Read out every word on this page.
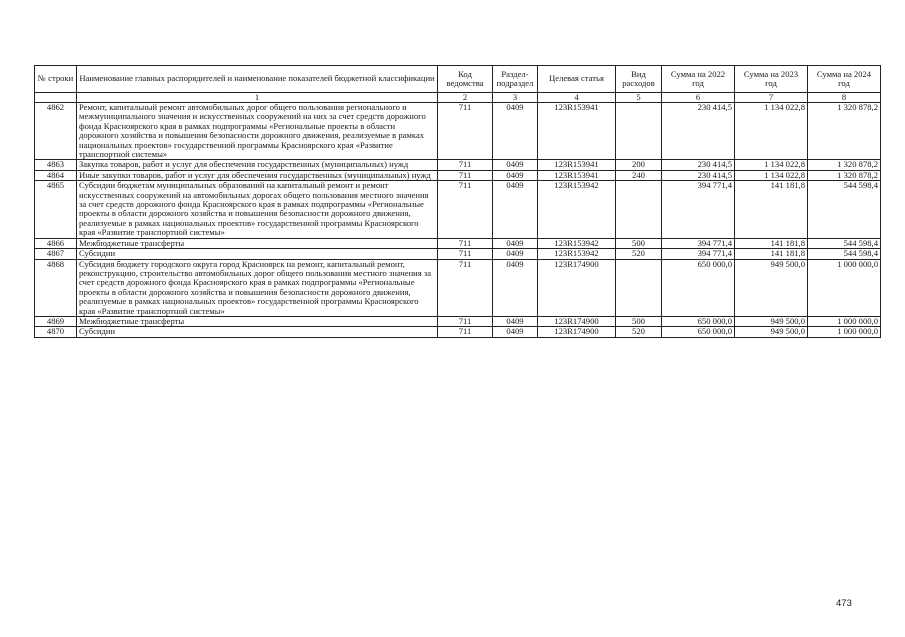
№ строки	Наименование главных распорядителей и наименование показателей бюджетной классификации	Код ведомства	Раздел-подраздел	Целевая статья	Вид расходов	Сумма на 2022 год	Сумма на 2023 год	Сумма на 2024 год
	1	2	3	4	5	6	7	8
4862	Ремонт, капитальный ремонт автомобильных дорог общего пользования регионального и межмуниципального значения и искусственных сооружений на них за счет средств дорожного фонда Красноярского края в рамках подпрограммы «Региональные проекты в области дорожного хозяйства и повышения безопасности дорожного движения, реализуемые в рамках национальных проектов» государственной программы Красноярского края «Развитие транспортной системы»	711	0409	123R153941		230 414,5	1 134 022,8	1 320 878,2
4863	Закупка товаров, работ и услуг для обеспечения государственных (муниципальных) нужд	711	0409	123R153941	200	230 414,5	1 134 022,8	1 320 878,2
4864	Иные закупки товаров, работ и услуг для обеспечения государственных (муниципальных) нужд	711	0409	123R153941	240	230 414,5	1 134 022,8	1 320 878,2
4865	Субсидии бюджетам муниципальных образований на капитальный ремонт и ремонт искусственных сооружений на автомобильных дорогах общего пользования местного значения за счет средств дорожного фонда Красноярского края в рамках подпрограммы «Региональные проекты в области дорожного хозяйства и повышения безопасности дорожного движения, реализуемые в рамках национальных проектов» государственной программы Красноярского края «Развитие транспортной системы»	711	0409	123R153942		394 771,4	141 181,8	544 598,4
4866	Межбюджетные трансферты	711	0409	123R153942	500	394 771,4	141 181,8	544 598,4
4867	Субсидии	711	0409	123R153942	520	394 771,4	141 181,8	544 598,4
4868	Субсидия бюджету городского округа город Красноярск на ремонт, капитальный ремонт, реконструкцию, строительство автомобильных дорог общего пользования местного значения за счет средств дорожного фонда Красноярского края в рамках подпрограммы «Региональные проекты в области дорожного хозяйства и повышения безопасности дорожного движения, реализуемые в рамках национальных проектов» государственной программы Красноярского края «Развитие транспортной системы»	711	0409	123R174900		650 000,0	949 500,0	1 000 000,0
4869	Межбюджетные трансферты	711	0409	123R174900	500	650 000,0	949 500,0	1 000 000,0
4870	Субсидии	711	0409	123R174900	520	650 000,0	949 500,0	1 000 000,0
473
